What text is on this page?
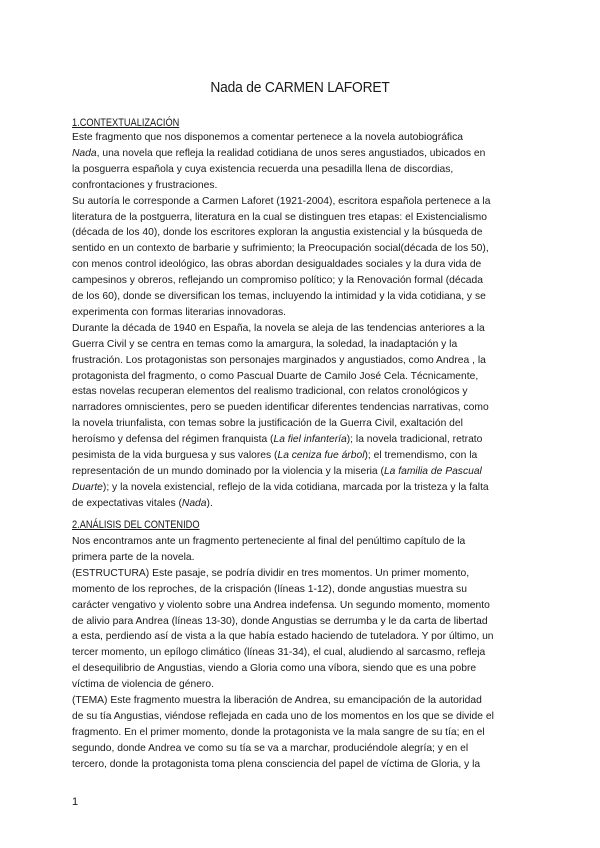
Nada de CARMEN LAFORET
1.CONTEXTUALIZACIÓN
Este fragmento que nos disponemos a comentar pertenece a la novela autobiográfica
Nada, una novela que refleja la realidad cotidiana de unos seres angustiados, ubicados en
la posguerra española y cuya existencia recuerda una pesadilla llena de discordias,
confrontaciones y frustraciones.
Su autoría le corresponde a Carmen Laforet (1921-2004), escritora española pertenece a la
literatura de la postguerra, literatura en la cual se distinguen tres etapas: el Existencialismo
(década de los 40), donde los escritores exploran la angustia existencial y la búsqueda de
sentido en un contexto de barbarie y sufrimiento; la Preocupación social(década de los 50),
con menos control ideológico, las obras abordan desigualdades sociales y la dura vida de
campesinos y obreros, reflejando un compromiso político; y la Renovación formal (década
de los 60), donde se diversifican los temas, incluyendo la intimidad y la vida cotidiana, y se
experimenta con formas literarias innovadoras.
Durante la década de 1940 en España, la novela se aleja de las tendencias anteriores a la
Guerra Civil y se centra en temas como la amargura, la soledad, la inadaptación y la
frustración. Los protagonistas son personajes marginados y angustiados, como Andrea , la
protagonista del fragmento, o como Pascual Duarte de Camilo José Cela. Técnicamente,
estas novelas recuperan elementos del realismo tradicional, con relatos cronológicos y
narradores omniscientes, pero se pueden identificar diferentes tendencias narrativas, como
la novela triunfalista, con temas sobre la justificación de la Guerra Civil, exaltación del
heroísmo y defensa del régimen franquista (La fiel infantería); la novela tradicional, retrato
pesimista de la vida burguesa y sus valores (La ceniza fue árbol); el tremendismo, con la
representación de un mundo dominado por la violencia y la miseria (La familia de Pascual
Duarte); y la novela existencial, reflejo de la vida cotidiana, marcada por la tristeza y la falta
de expectativas vitales (Nada).
2.ANÁLISIS DEL CONTENIDO
Nos encontramos ante un fragmento perteneciente al final del penúltimo capítulo de la
primera parte de la novela.
(ESTRUCTURA) Este pasaje, se podría dividir en tres momentos. Un primer momento,
momento de los reproches, de la crispación (líneas 1-12), donde angustias muestra su
carácter vengativo y violento sobre una Andrea indefensa. Un segundo momento, momento
de alivio para Andrea (líneas 13-30), donde Angustias se derrumba y le da carta de libertad
a esta, perdiendo así de vista a la que había estado haciendo de tuteladora. Y por último, un
tercer momento, un epílogo climático (líneas 31-34), el cual, aludiendo al sarcasmo, refleja
el desequilibrio de Angustias, viendo a Gloria como una víbora, siendo que es una pobre
víctima de violencia de género.
(TEMA) Este fragmento muestra la liberación de Andrea, su emancipación de la autoridad
de su tía Angustias, viéndose reflejada en cada uno de los momentos en los que se divide el
fragmento. En el primer momento, donde la protagonista ve la mala sangre de su tía; en el
segundo, donde Andrea ve como su tía se va a marchar, produciéndole alegría; y en el
tercero, donde la protagonista toma plena consciencia del papel de víctima de Gloria, y la
1
